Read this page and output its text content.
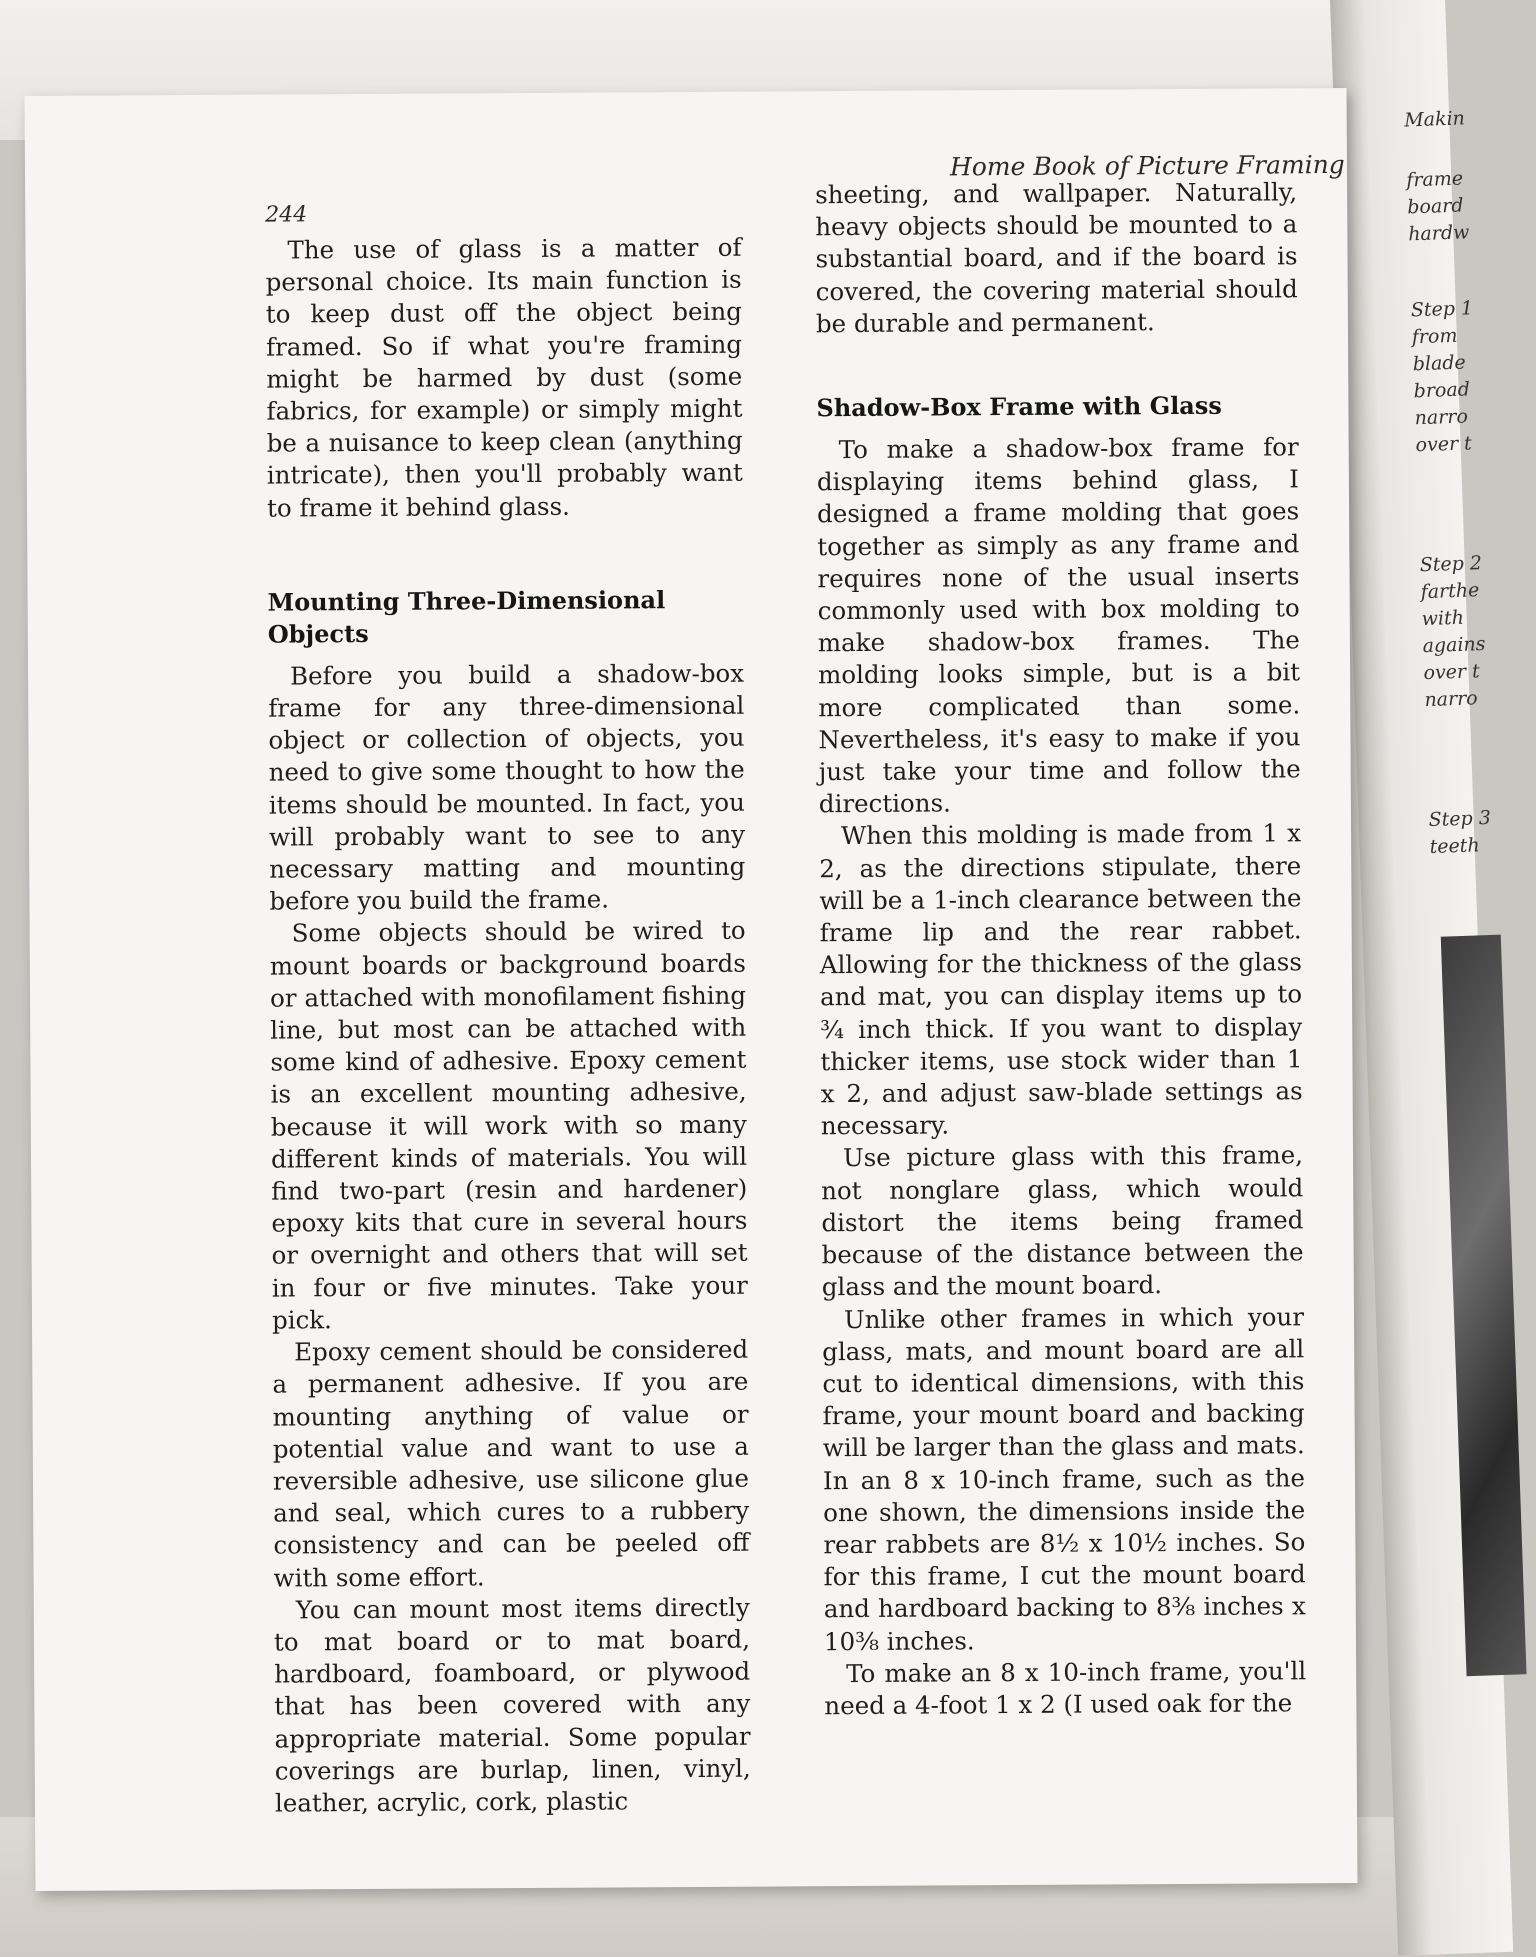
Makin
frame
board
hardw
Step 1
from
blade
broad
narro
over t
Step 2
farthe
with
agains
over t
narro
Step 3
teeth
Home Book of Picture Framing
244

The use of glass is a matter of personal choice. Its main function is to keep dust off the object being framed. So if what you're framing might be harmed by dust (some fabrics, for example) or simply might be a nuisance to keep clean (anything intricate), then you'll probably want to frame it behind glass.

Mounting Three-Dimensional
Objects

Before you build a shadow-box frame for any three-dimensional object or collection of objects, you need to give some thought to how the items should be mounted. In fact, you will probably want to see to any necessary matting and mounting before you build the frame.

Some objects should be wired to mount boards or background boards or attached with monofilament fishing line, but most can be attached with some kind of adhesive. Epoxy cement is an excellent mounting adhesive, because it will work with so many different kinds of materials. You will find two-part (resin and hardener) epoxy kits that cure in several hours or overnight and others that will set in four or five minutes. Take your pick.

Epoxy cement should be considered a permanent adhesive. If you are mounting anything of value or potential value and want to use a reversible adhesive, use silicone glue and seal, which cures to a rubbery consistency and can be peeled off with some effort.

You can mount most items directly to mat board or to mat board, hardboard, foamboard, or plywood that has been covered with any appropriate material. Some popular coverings are burlap, linen, vinyl, leather, acrylic, cork, plastic

sheeting, and wallpaper. Naturally, heavy objects should be mounted to a substantial board, and if the board is covered, the covering material should be durable and permanent.

Shadow-Box Frame with Glass

To make a shadow-box frame for displaying items behind glass, I designed a frame molding that goes together as simply as any frame and requires none of the usual inserts commonly used with box molding to make shadow-box frames. The molding looks simple, but is a bit more complicated than some. Nevertheless, it's easy to make if you just take your time and follow the directions.

When this molding is made from 1 x 2, as the directions stipulate, there will be a 1-inch clearance between the frame lip and the rear rabbet. Allowing for the thickness of the glass and mat, you can display items up to ¾ inch thick. If you want to display thicker items, use stock wider than 1 x 2, and adjust saw-blade settings as necessary.

Use picture glass with this frame, not nonglare glass, which would distort the items being framed because of the distance between the glass and the mount board.

Unlike other frames in which your glass, mats, and mount board are all cut to identical dimensions, with this frame, your mount board and backing will be larger than the glass and mats. In an 8 x 10-inch frame, such as the one shown, the dimensions inside the rear rabbets are 8½ x 10½ inches. So for this frame, I cut the mount board and hardboard backing to 8⅜ inches x 10⅜ inches.

To make an 8 x 10-inch frame, you'll need a 4-foot 1 x 2 (I used oak for the
